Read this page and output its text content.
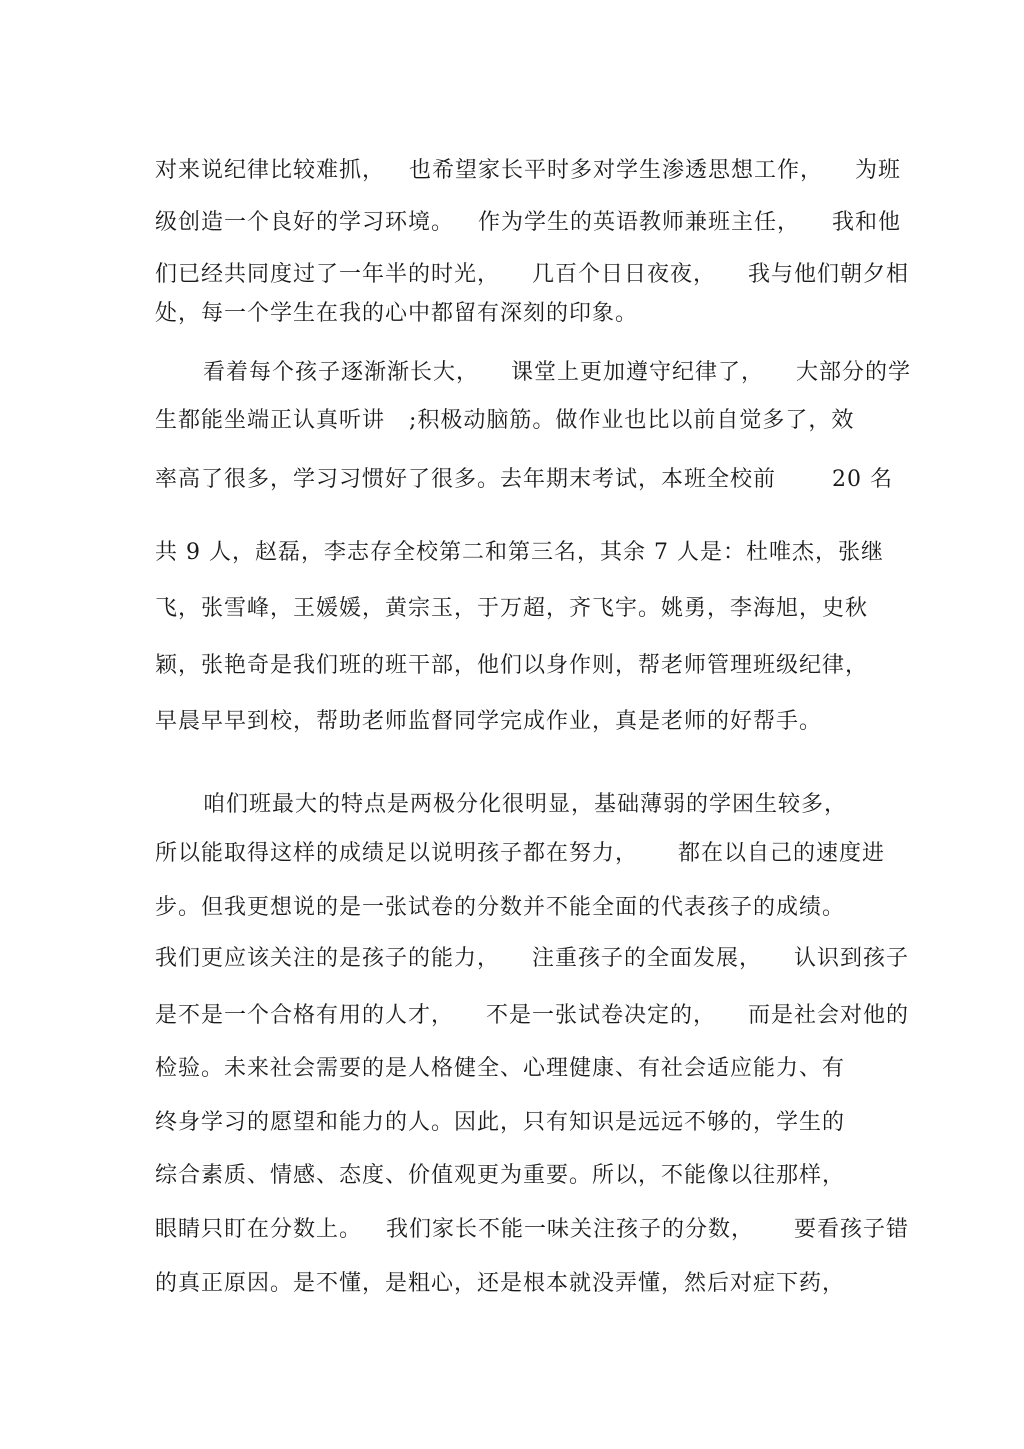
对来说纪律比较难抓，   也希望家长平时多对学生渗透思想工作，    为班

级创造一个良好的学习环境。   作为学生的英语教师兼班主任，    我和他

们已经共同度过了一年半的时光，    几百个日日夜夜，    我与他们朝夕相

处，每一个学生在我的心中都留有深刻的印象。

看着每个孩子逐渐渐长大，    课堂上更加遵守纪律了，    大部分的学

生都能坐端正认真听讲   ;积极动脑筋。做作业也比以前自觉多了，效

率高了很多，学习习惯好了很多。去年期末考试，本班全校前       20 名

共 9 人，赵磊，李志存全校第二和第三名，其余 7 人是：杜唯杰，张继

飞，张雪峰，王媛媛，黄宗玉，于万超，齐飞宇。姚勇，李海旭，史秋

颖，张艳奇是我们班的班干部，他们以身作则，帮老师管理班级纪律，

早晨早早到校，帮助老师监督同学完成作业，真是老师的好帮手。

咱们班最大的特点是两极分化很明显，基础薄弱的学困生较多，

所以能取得这样的成绩足以说明孩子都在努力，     都在以自己的速度进

步。但我更想说的是一张试卷的分数并不能全面的代表孩子的成绩。

我们更应该关注的是孩子的能力，    注重孩子的全面发展，    认识到孩子

是不是一个合格有用的人才，    不是一张试卷决定的，    而是社会对他的

检验。未来社会需要的是人格健全、心理健康、有社会适应能力、有

终身学习的愿望和能力的人。因此，只有知识是远远不够的，学生的

综合素质、情感、态度、价值观更为重要。所以，不能像以往那样，

眼睛只盯在分数上。   我们家长不能一味关注孩子的分数，     要看孩子错

的真正原因。是不懂，是粗心，还是根本就没弄懂，然后对症下药，
